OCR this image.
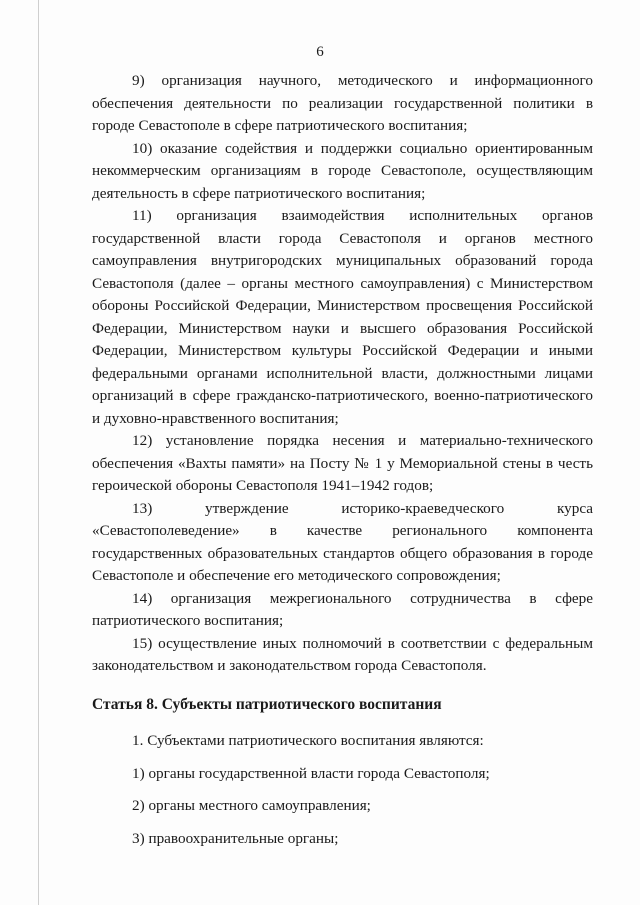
6

9) организация научного, методического и информационного обеспечения деятельности по реализации государственной политики в городе Севастополе в сфере патриотического воспитания;

10) оказание содействия и поддержки социально ориентированным некоммерческим организациям в городе Севастополе, осуществляющим деятельность в сфере патриотического воспитания;

11) организация взаимодействия исполнительных органов государственной власти города Севастополя и органов местного самоуправления внутригородских муниципальных образований города Севастополя (далее – органы местного самоуправления) с Министерством обороны Российской Федерации, Министерством просвещения Российской Федерации, Министерством науки и высшего образования Российской Федерации, Министерством культуры Российской Федерации и иными федеральными органами исполнительной власти, должностными лицами организаций в сфере гражданско-патриотического, военно-патриотического и духовно-нравственного воспитания;

12) установление порядка несения и материально-технического обеспечения «Вахты памяти» на Посту № 1 у Мемориальной стены в честь героической обороны Севастополя 1941–1942 годов;

13) утверждение историко-краеведческого курса «Севастополеведение» в качестве регионального компонента государственных образовательных стандартов общего образования в городе Севастополе и обеспечение его методического сопровождения;

14) организация межрегионального сотрудничества в сфере патриотического воспитания;

15) осуществление иных полномочий в соответствии с федеральным законодательством и законодательством города Севастополя.

Статья 8. Субъекты патриотического воспитания

1. Субъектами патриотического воспитания являются:

1) органы государственной власти города Севастополя;

2) органы местного самоуправления;

3) правоохранительные органы;
